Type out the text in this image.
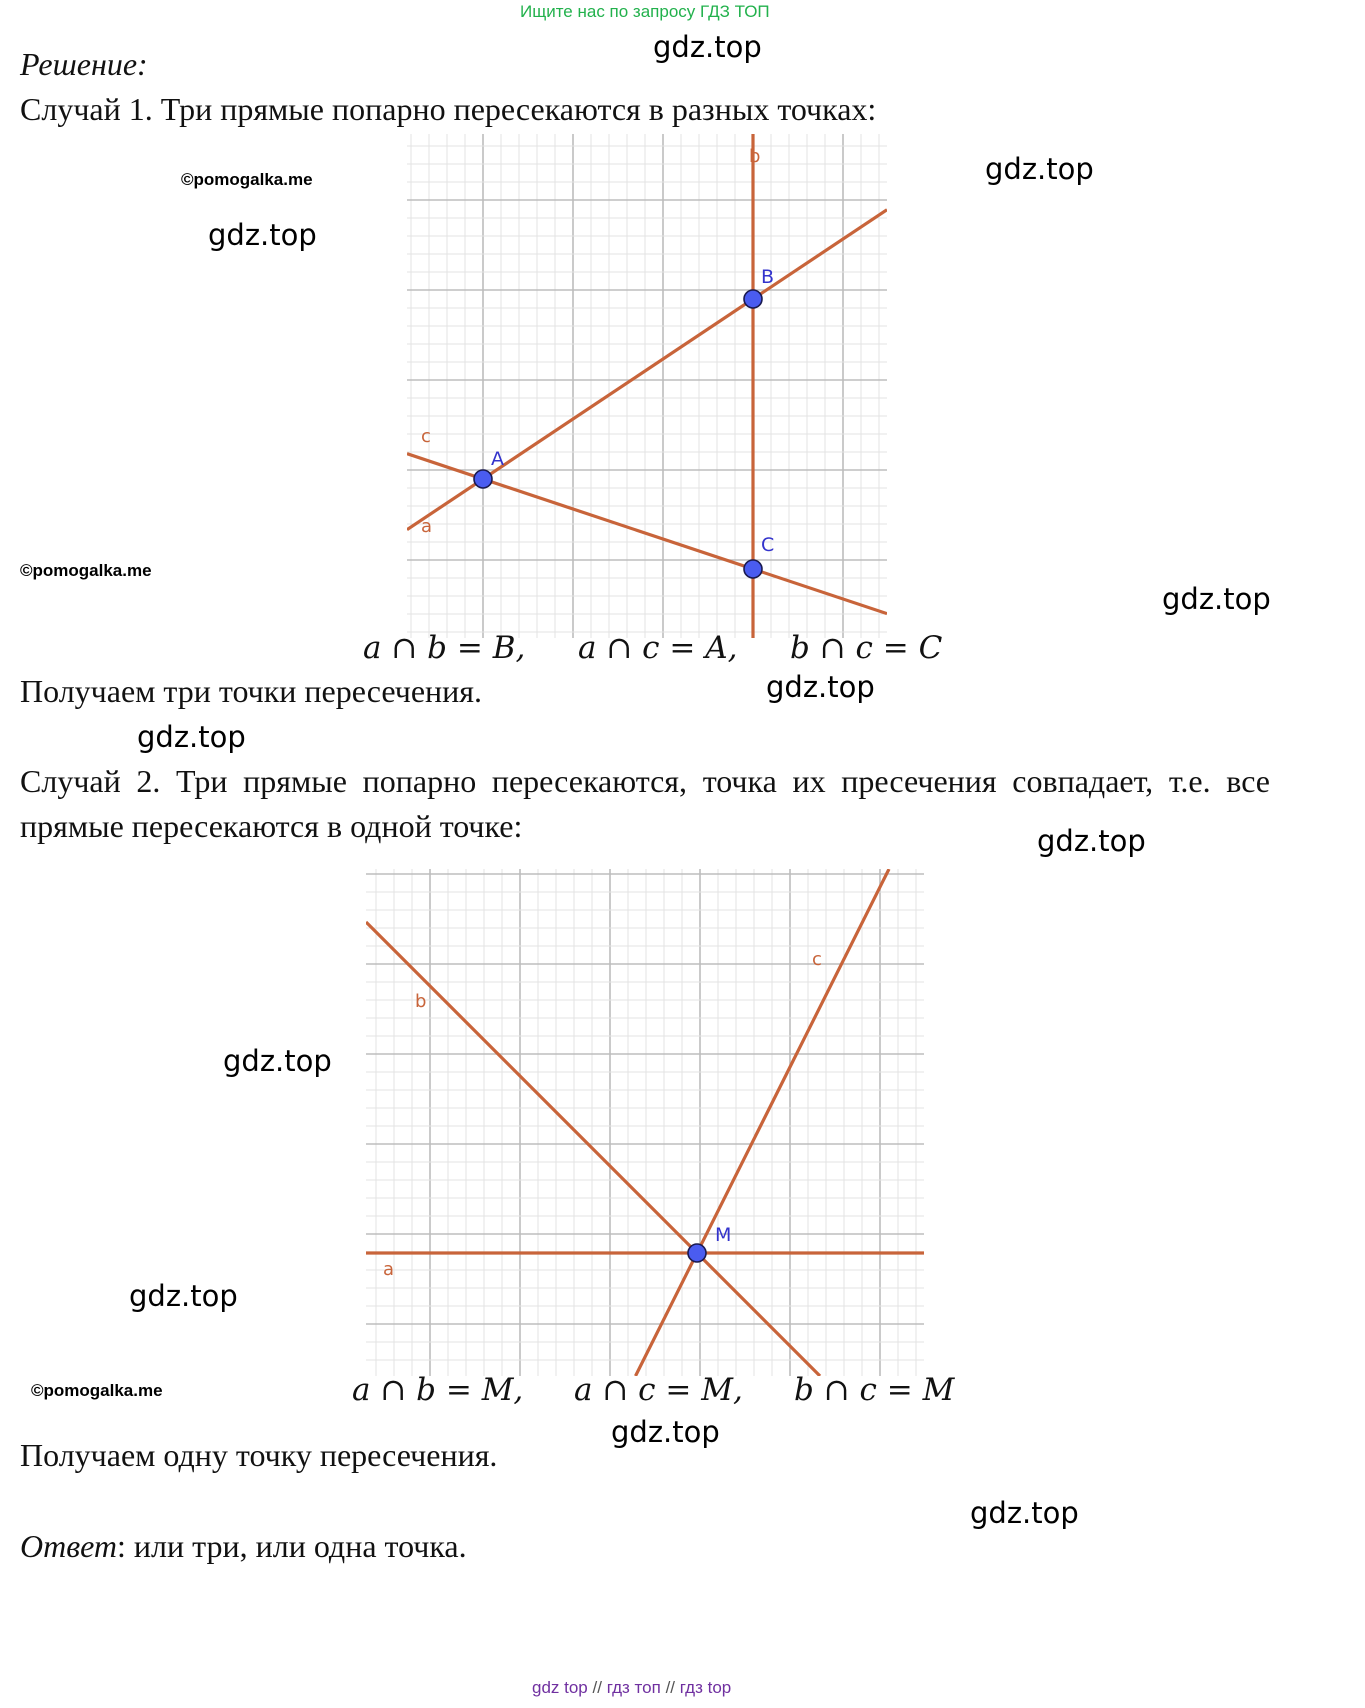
Ищите нас по запросу ГДЗ ТОП
gdz.top
gdz.top
gdz.top
gdz.top
gdz.top
gdz.top
gdz.top
gdz.top
gdz.top
gdz.top
gdz.top
©pomogalka.me
©pomogalka.me
©pomogalka.me
Решение:
Случай 1. Три прямые попарно пересекаются в разных точках:
a
b
c
A
B
C
a ∩ b = B, a ∩ c = A, b ∩ c = C
Получаем три точки пересечения.
Случай 2. Три прямые попарно пересекаются, точка их пресечения совпадает, т.е. все
прямые пересекаются в одной точке:
a
b
c
M
a ∩ b = M, a ∩ c = M, b ∩ c = M
Получаем одну точку пересечения.
Ответ: или три, или одна точка.
gdz top // гдз топ // гдз top
